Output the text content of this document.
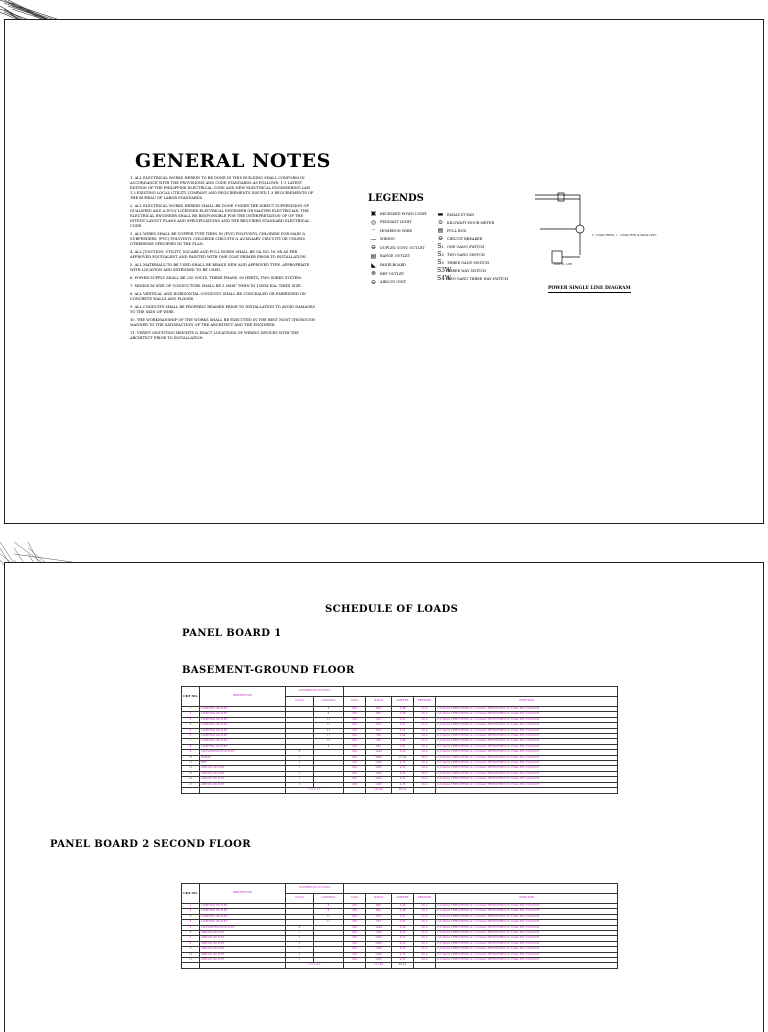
GENERAL NOTES
1. ALL ELECTRICAL WORKS HEREIN TO BE DONE IN THIS BUILDING SHALL CONFORM IN ACCORDANCE WITH THE PROVISIONS AND CODE STANDARDS AS FOLLOWS: 1.1 LATEST EDITION OF THE PHILIPPINE ELECTRICAL CODE AND NEW ELECTRICAL ENGINEERING LAW 1.2 EXISTING LOCAL UTILITY COMPANY AND REQUIREMENTS ISSUED 1.3 REQUIREMENTS OF THE BUREAU OF LABOR STANDARDS.
2. ALL ELECTRICAL WORKS HEREIN SHALL BE DONE UNDER THE DIRECT SUPERVISION OF QUALIFIED AND A DULY LICENSED ELECTRICAL ENGINEER OR MASTER ELECTRICIAN. THE ELECTRICAL ENGINEER SHALL BE RESPONSIBLE FOR THE INTERPRETATION OF OF THE INTENT LAYOUT PLANS AND SPECIFICATIONS AND THE REQUIRED STANDARD ELECTRICAL CODE
3. ALL WIRES SHALL BE COPPER TYPE THHN IN (PVC) POLYVINYL CHLORIDE FOR MAIN & SUBFEEDERS. (PVC) POLYVINYL CHLORIDE CIRCUITS & AUXILIARY CIRCUITS OR UNLESS OTHERWISE SPECIFIED IN THE PLAN.
4. ALL JUNCTION, UTILITY, SQUARE AND PULL BOXES SHALL BE GA NO. 16 OR AS PER APPROVED EQUIVALENT AND PAINTED WITH ONE COAT PRIMER PRIOR TO INSTALLATION.
5. ALL MATERIALS TO BE USED SHALL BE BRAND NEW AND APPROVED TYPE. APPROPRIATE WITH LOCATION AND EXTENDED TO BE USED.
6. POWER SUPPLY SHALL BE 230 VOLTS, THREE PHASE, 60 HERTZ, TWO WIRES SYSTEM.
7. MINIMUM SIZE OF CONDUCTORS SHALL BE 3.5MM² THHN IN 15MM DIA. THHN SIZE.
8. ALL VERTICAL AND HORIZONTAL CONDUITS SHALL BE CONCEALED OR EMBEDDED ON CONCRETE WALLS AND FLOORS.
9. ALL CONDUITS SHALL BE PROPERLY REAMED PRIOR TO INSTALLATION TO AVOID DAMAGES TO THE SKIN OF WIRE.
10. THE WORKMANSHIP OF THE WORKS SHALL BE EXECUTED IN THE BEST MOST THOROUGH MANNER TO THE SATISFACTION OF THE ARCHITECT AND THE ENGINEER.
11. VERIFY MOUNTING HEIGHTS & EXACT LOCATIONS OF WIRING DEVICES WITH THE ARCHITECT PRIOR TO INSTALLATION.
LEGENDS
▣ RECESSED DOWN LIGHT
◎ PENDANT LIGHT
┈	HOMERUN WIRE
— WIRING
⊖ DUPLEX CONV. OUTLET
▤ RANGE OUTLET
◣	PANELBOARD
⊜ REF OUTLET
⊝ AIRCON UNIT
▬ EXHAUST FAN
⊙ KILOWATT HOUR METER
▤ PULL BOX
⊖ CIRCUIT BREAKER
S₁ ONE GANG SWITCH
S₂ TWO GANG SWITCH
S₃ THREE GANG SWITCH
S3W
THREE WAY SWITCH
S4W
TWO GANG THREE WAY SWITCH
2 - 5.5mm THHN - 1 - 3.5mm THW in 20mm ø PVC
PANEL 1/P1
POWER SINGLE LINE DIAGRAM
SCHEDULE OF LOADS
PANEL BOARD 1
BASEMENT-GROUND FLOOR
CKT NO.	DESCRIPTION	NUMBER OF OUTLETS						
		CONV.	LIGHTING	VOLT	WATTS	AMPERE	BREAKER	WIRE SIZE
1	LIGHTING OUTLET		8	230	800	3.48	20 A	2-3.5mm2 THHN/THWN & 1-3.5mm2 THHN/THWN IN 15mm PVC CONDUIT
2	LIGHTING OUTLET		8	230	800	3.48	20 A	2-3.5mm2 THHN/THWN & 1-3.5mm2 THHN/THWN IN 15mm PVC CONDUIT
3	LIGHTING OUTLET		11	230	550	2.61	20 A	2-3.5mm2 THHN/THWN & 1-3.5mm2 THHN/THWN IN 15mm PVC CONDUIT
4	LIGHTING OUTLET		11	230	550	2.61	20 A	2-3.5mm2 THHN/THWN & 1-3.5mm2 THHN/THWN IN 15mm PVC CONDUIT
5	LIGHTING OUTLET		11	230	550	2.61	20 A	2-3.5mm2 THHN/THWN & 1-3.5mm2 THHN/THWN IN 15mm PVC CONDUIT
6	LIGHTING OUTLET		11	230	780	3.04	20 A	2-3.5mm2 THHN/THWN & 1-3.5mm2 THHN/THWN IN 15mm PVC CONDUIT
7	LIGHTING OUTLET		12	230	700	3.04	20 A	2-3.5mm2 THHN/THWN & 1-3.5mm2 THHN/THWN IN 15mm PVC CONDUIT
8	LIGHTING OUTLET		8	230	600	2.61	20 A	2-3.5mm2 THHN/THWN & 1-3.5mm2 THHN/THWN IN 15mm PVC CONDUIT
9	CONVENIENCE OUTLET	8		230	1440	6.26	20 A	2-3.5mm2 THHN/THWN & 1-3.5mm2 THHN/THWN IN 15mm PVC CONDUIT
10	RANGE	1		230	3000	13.04	30 A	2-3.5mm2 THHN/THWN & 1-3.5mm2 THHN/THWN IN 15mm PVC CONDUIT
11	REF	1		230	1000	4.35	20 A	2-3.5mm2 THHN/THWN & 1-3.5mm2 THHN/THWN IN 15mm PVC CONDUIT
12	AIRCON OUTLET	1		230	1000	4.35	30 A	2-3.5mm2 THHN/THWN & 1-3.5mm2 THHN/THWN IN 15mm PVC CONDUIT
13	AIRCON OUTLET	1		230	1000	4.35	30 A	2-3.5mm2 THHN/THWN & 1-3.5mm2 THHN/THWN IN 15mm PVC CONDUIT
14	AIRCON OUTLET	1		230	1000	4.35	30 A	2-3.5mm2 THHN/THWN & 1-3.5mm2 THHN/THWN IN 15mm PVC CONDUIT
15	AIRCON OUTLET	1		230	1000	4.35	30 A	2-3.5mm2 THHN/THWN & 1-3.5mm2 THHN/THWN IN 15mm PVC CONDUIT
		T O T A L			18,520	80.52		
PANEL BOARD 2 SECOND FLOOR
CKT NO.	DESCRIPTION	NUMBER OF OUTLETS						
		CONV.	LIGHTING	VOLT	WATTS	AMPERE	BREAKER	WIRE SIZE
1	LIGHTING OUTLET		8	230	800	3.48	20 A	2-3.5mm2 THHN/THWN & 1-3.5mm2 THHN/THWN IN 15mm PVC CONDUIT
2	LIGHTING OUTLET		8	230	800	3.48	20 A	2-3.5mm2 THHN/THWN & 1-3.5mm2 THHN/THWN IN 15mm PVC CONDUIT
3	LIGHTING OUTLET		11	230	550	2.61	20 A	2-3.5mm2 THHN/THWN & 1-3.5mm2 THHN/THWN IN 15mm PVC CONDUIT
4	LIGHTING OUTLET		11	230	550	2.61	20 A	2-3.5mm2 THHN/THWN & 1-3.5mm2 THHN/THWN IN 15mm PVC CONDUIT
5	CONVENIENCE OUTLET	8		230	1440	6.26	20 A	2-3.5mm2 THHN/THWN & 1-3.5mm2 THHN/THWN IN 15mm PVC CONDUIT
6	AIRCON OUTLET	1		230	1000	4.35	30 A	2-3.5mm2 THHN/THWN & 1-3.5mm2 THHN/THWN IN 15mm PVC CONDUIT
7	AIRCON OUTLET	1		230	1000	4.35	30 A	2-3.5mm2 THHN/THWN & 1-3.5mm2 THHN/THWN IN 15mm PVC CONDUIT
8	AIRCON OUTLET	1		230	1000	4.35	30 A	2-3.5mm2 THHN/THWN & 1-3.5mm2 THHN/THWN IN 15mm PVC CONDUIT
9	AIRCON OUTLET	1		230	1000	4.35	30 A	2-3.5mm2 THHN/THWN & 1-3.5mm2 THHN/THWN IN 15mm PVC CONDUIT
10	AIRCON OUTLET	1		230	1000	4.35	30 A	2-3.5mm2 THHN/THWN & 1-3.5mm2 THHN/THWN IN 15mm PVC CONDUIT
11	AIRCON OUTLET	1		230	1000	4.35	30 A	2-3.5mm2 THHN/THWN & 1-3.5mm2 THHN/THWN IN 15mm PVC CONDUIT
		T O T A L			11,140	48.43		
